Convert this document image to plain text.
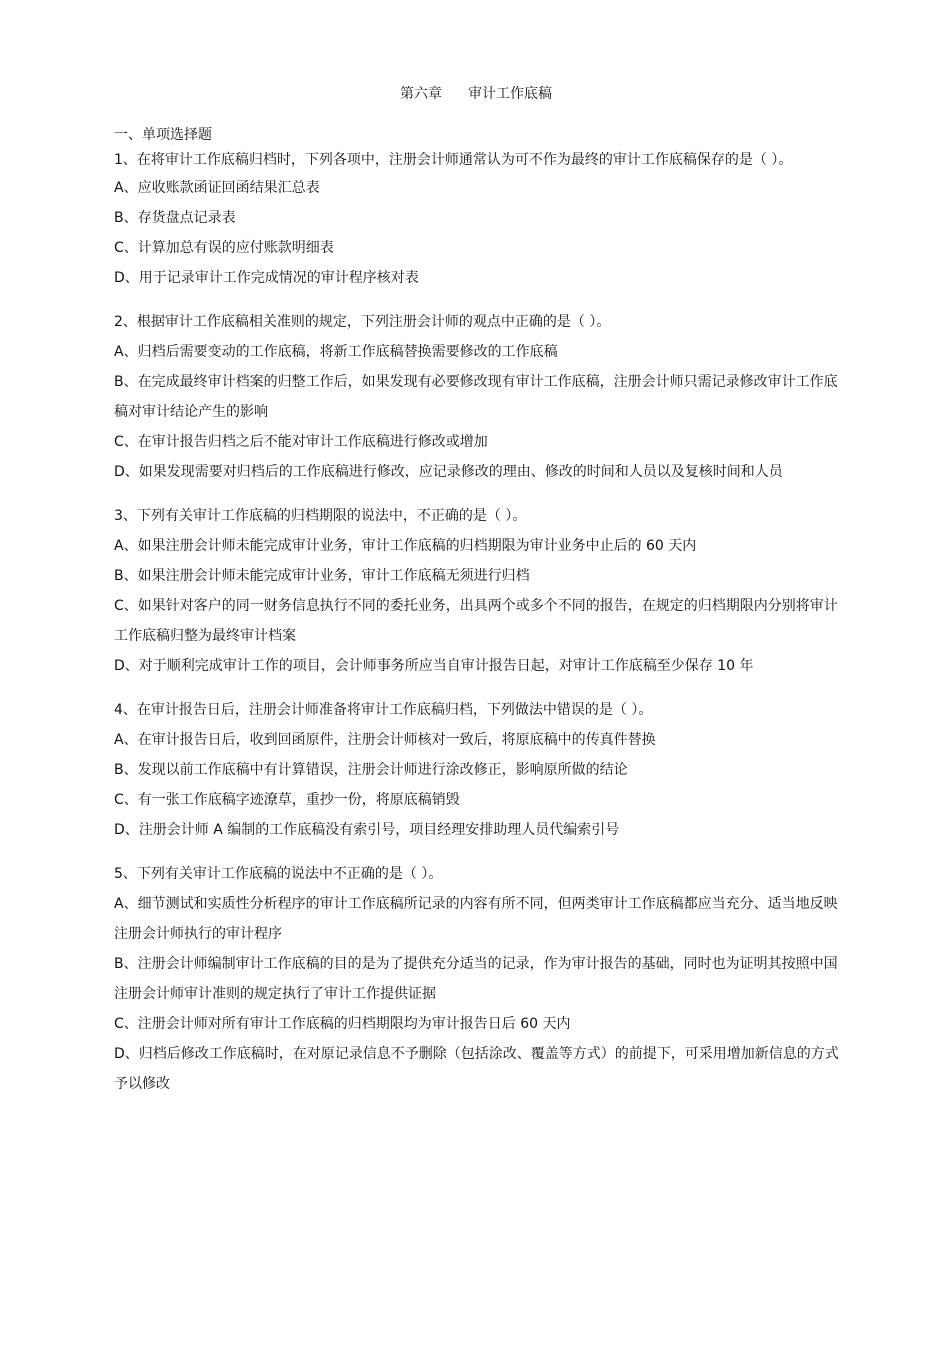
第六章 审计工作底稿

一、单项选择题

1、在将审计工作底稿归档时，下列各项中，注册会计师通常认为可不作为最终的审计工作底稿保存的是（ ）。

A、应收账款函证回函结果汇总表

B、存货盘点记录表

C、计算加总有误的应付账款明细表

D、用于记录审计工作完成情况的审计程序核对表

2、根据审计工作底稿相关准则的规定，下列注册会计师的观点中正确的是（ ）。

A、归档后需要变动的工作底稿，将新工作底稿替换需要修改的工作底稿

B、在完成最终审计档案的归整工作后，如果发现有必要修改现有审计工作底稿，注册会计师只需记录修改审计工作底稿对审计结论产生的影响

C、在审计报告归档之后不能对审计工作底稿进行修改或增加

D、如果发现需要对归档后的工作底稿进行修改，应记录修改的理由、修改的时间和人员以及复核时间和人员

3、下列有关审计工作底稿的归档期限的说法中，不正确的是（ ）。

A、如果注册会计师未能完成审计业务，审计工作底稿的归档期限为审计业务中止后的 60 天内

B、如果注册会计师未能完成审计业务，审计工作底稿无须进行归档

C、如果针对客户的同一财务信息执行不同的委托业务，出具两个或多个不同的报告，在规定的归档期限内分别将审计工作底稿归整为最终审计档案

D、对于顺利完成审计工作的项目，会计师事务所应当自审计报告日起，对审计工作底稿至少保存 10 年

4、在审计报告日后，注册会计师准备将审计工作底稿归档，下列做法中错误的是（ ）。

A、在审计报告日后，收到回函原件，注册会计师核对一致后，将原底稿中的传真件替换

B、发现以前工作底稿中有计算错误，注册会计师进行涂改修正，影响原所做的结论

C、有一张工作底稿字迹潦草，重抄一份，将原底稿销毁

D、注册会计师 A 编制的工作底稿没有索引号，项目经理安排助理人员代编索引号

5、下列有关审计工作底稿的说法中不正确的是（ ）。

A、细节测试和实质性分析程序的审计工作底稿所记录的内容有所不同，但两类审计工作底稿都应当充分、适当地反映注册会计师执行的审计程序

B、注册会计师编制审计工作底稿的目的是为了提供充分适当的记录，作为审计报告的基础，同时也为证明其按照中国注册会计师审计准则的规定执行了审计工作提供证据

C、注册会计师对所有审计工作底稿的归档期限均为审计报告日后 60 天内

D、归档后修改工作底稿时，在对原记录信息不予删除（包括涂改、覆盖等方式）的前提下，可采用增加新信息的方式予以修改
